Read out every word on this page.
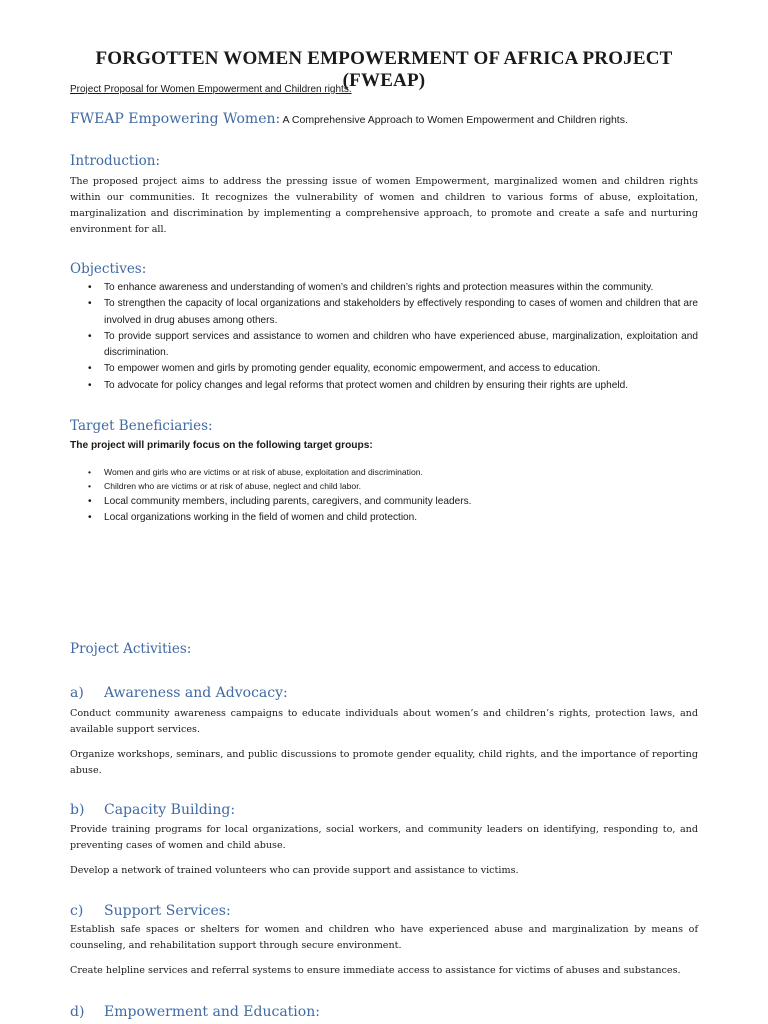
FORGOTTEN WOMEN EMPOWERMENT OF AFRICA PROJECT (FWEAP)
Project Proposal for Women Empowerment and Children rights.
FWEAP Empowering Women: A Comprehensive Approach to Women Empowerment and Children rights.
Introduction:

The proposed project aims to address the pressing issue of women Empowerment, marginalized women and children rights within our communities. It recognizes the vulnerability of women and children to various forms of abuse, exploitation, marginalization and discrimination by implementing a comprehensive approach, to promote and create a safe and nurturing environment for all.

Objectives:
• To enhance awareness and understanding of women’s and children’s rights and protection measures within the community.
• To strengthen the capacity of local organizations and stakeholders by effectively responding to cases of women and children that are involved in drug abuses among others.
• To provide support services and assistance to women and children who have experienced abuse, marginalization, exploitation and discrimination.
• To empower women and girls by promoting gender equality, economic empowerment, and access to education.
• To advocate for policy changes and legal reforms that protect women and children by ensuring their rights are upheld.
Target Beneficiaries:
The project will primarily focus on the following target groups:
• Women and girls who are victims or at risk of abuse, exploitation and discrimination.
• Children who are victims or at risk of abuse, neglect and child labor.
• Local community members, including parents, caregivers, and community leaders.
• Local organizations working in the field of women and child protection.
Project Activities:
a) Awareness and Advocacy:

Conduct community awareness campaigns to educate individuals about women’s and children’s rights, protection laws, and available support services.

Organize workshops, seminars, and public discussions to promote gender equality, child rights, and the importance of reporting abuse.

b) Capacity Building:

Provide training programs for local organizations, social workers, and community leaders on identifying, responding to, and preventing cases of women and child abuse.

Develop a network of trained volunteers who can provide support and assistance to victims.

c) Support Services:

Establish safe spaces or shelters for women and children who have experienced abuse and marginalization by means of counseling, and rehabilitation support through secure environment.

Create helpline services and referral systems to ensure immediate access to assistance for victims of abuses and substances.

d) Empowerment and Education:
